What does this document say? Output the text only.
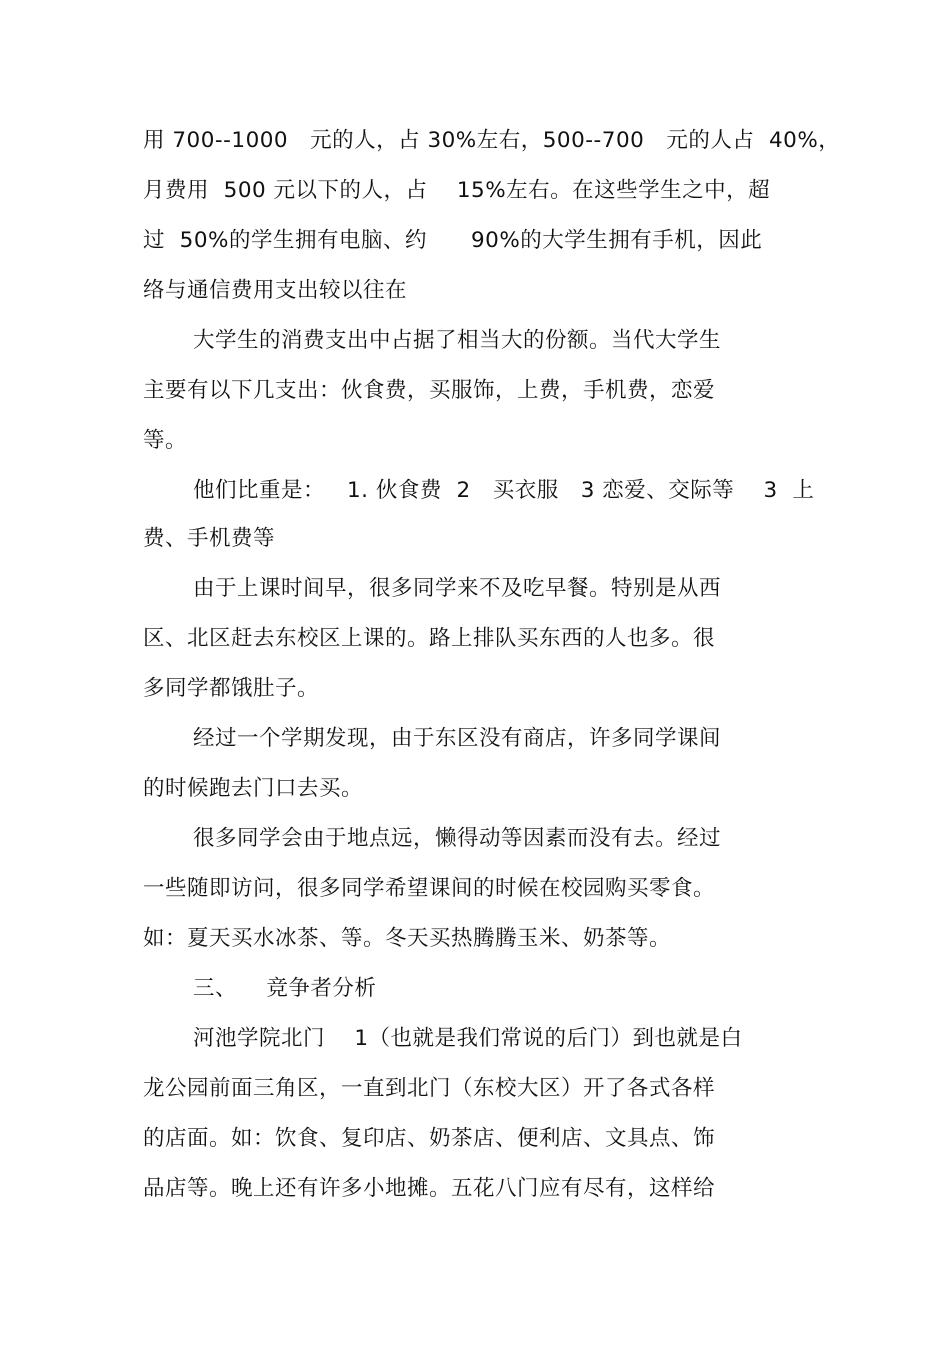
用 700--1000   元的人，占 30%左右，500--700   元的人占  40%，
月费用  500 元以下的人，占    15%左右。在这些学生之中，超
过  50%的学生拥有电脑、约      90%的大学生拥有手机，因此
络与通信费用支出较以往在
大学生的消费支出中占据了相当大的份额。当代大学生
主要有以下几支出：伙食费，买服饰，上费，手机费，恋爱
等。
他们比重是：   1. 伙食费  2   买衣服   3 恋爱、交际等    3  上
费、手机费等
由于上课时间早，很多同学来不及吃早餐。特别是从西
区、北区赶去东校区上课的。路上排队买东西的人也多。很
多同学都饿肚子。
经过一个学期发现，由于东区没有商店，许多同学课间
的时候跑去门口去买。
很多同学会由于地点远，懒得动等因素而没有去。经过
一些随即访问，很多同学希望课间的时候在校园购买零食。
如：夏天买水冰茶、等。冬天买热腾腾玉米、奶茶等。
三、    竞争者分析
河池学院北门    1（也就是我们常说的后门）到也就是白
龙公园前面三角区，一直到北门（东校大区）开了各式各样
的店面。如：饮食、复印店、奶茶店、便利店、文具点、饰
品店等。晚上还有许多小地摊。五花八门应有尽有，这样给
